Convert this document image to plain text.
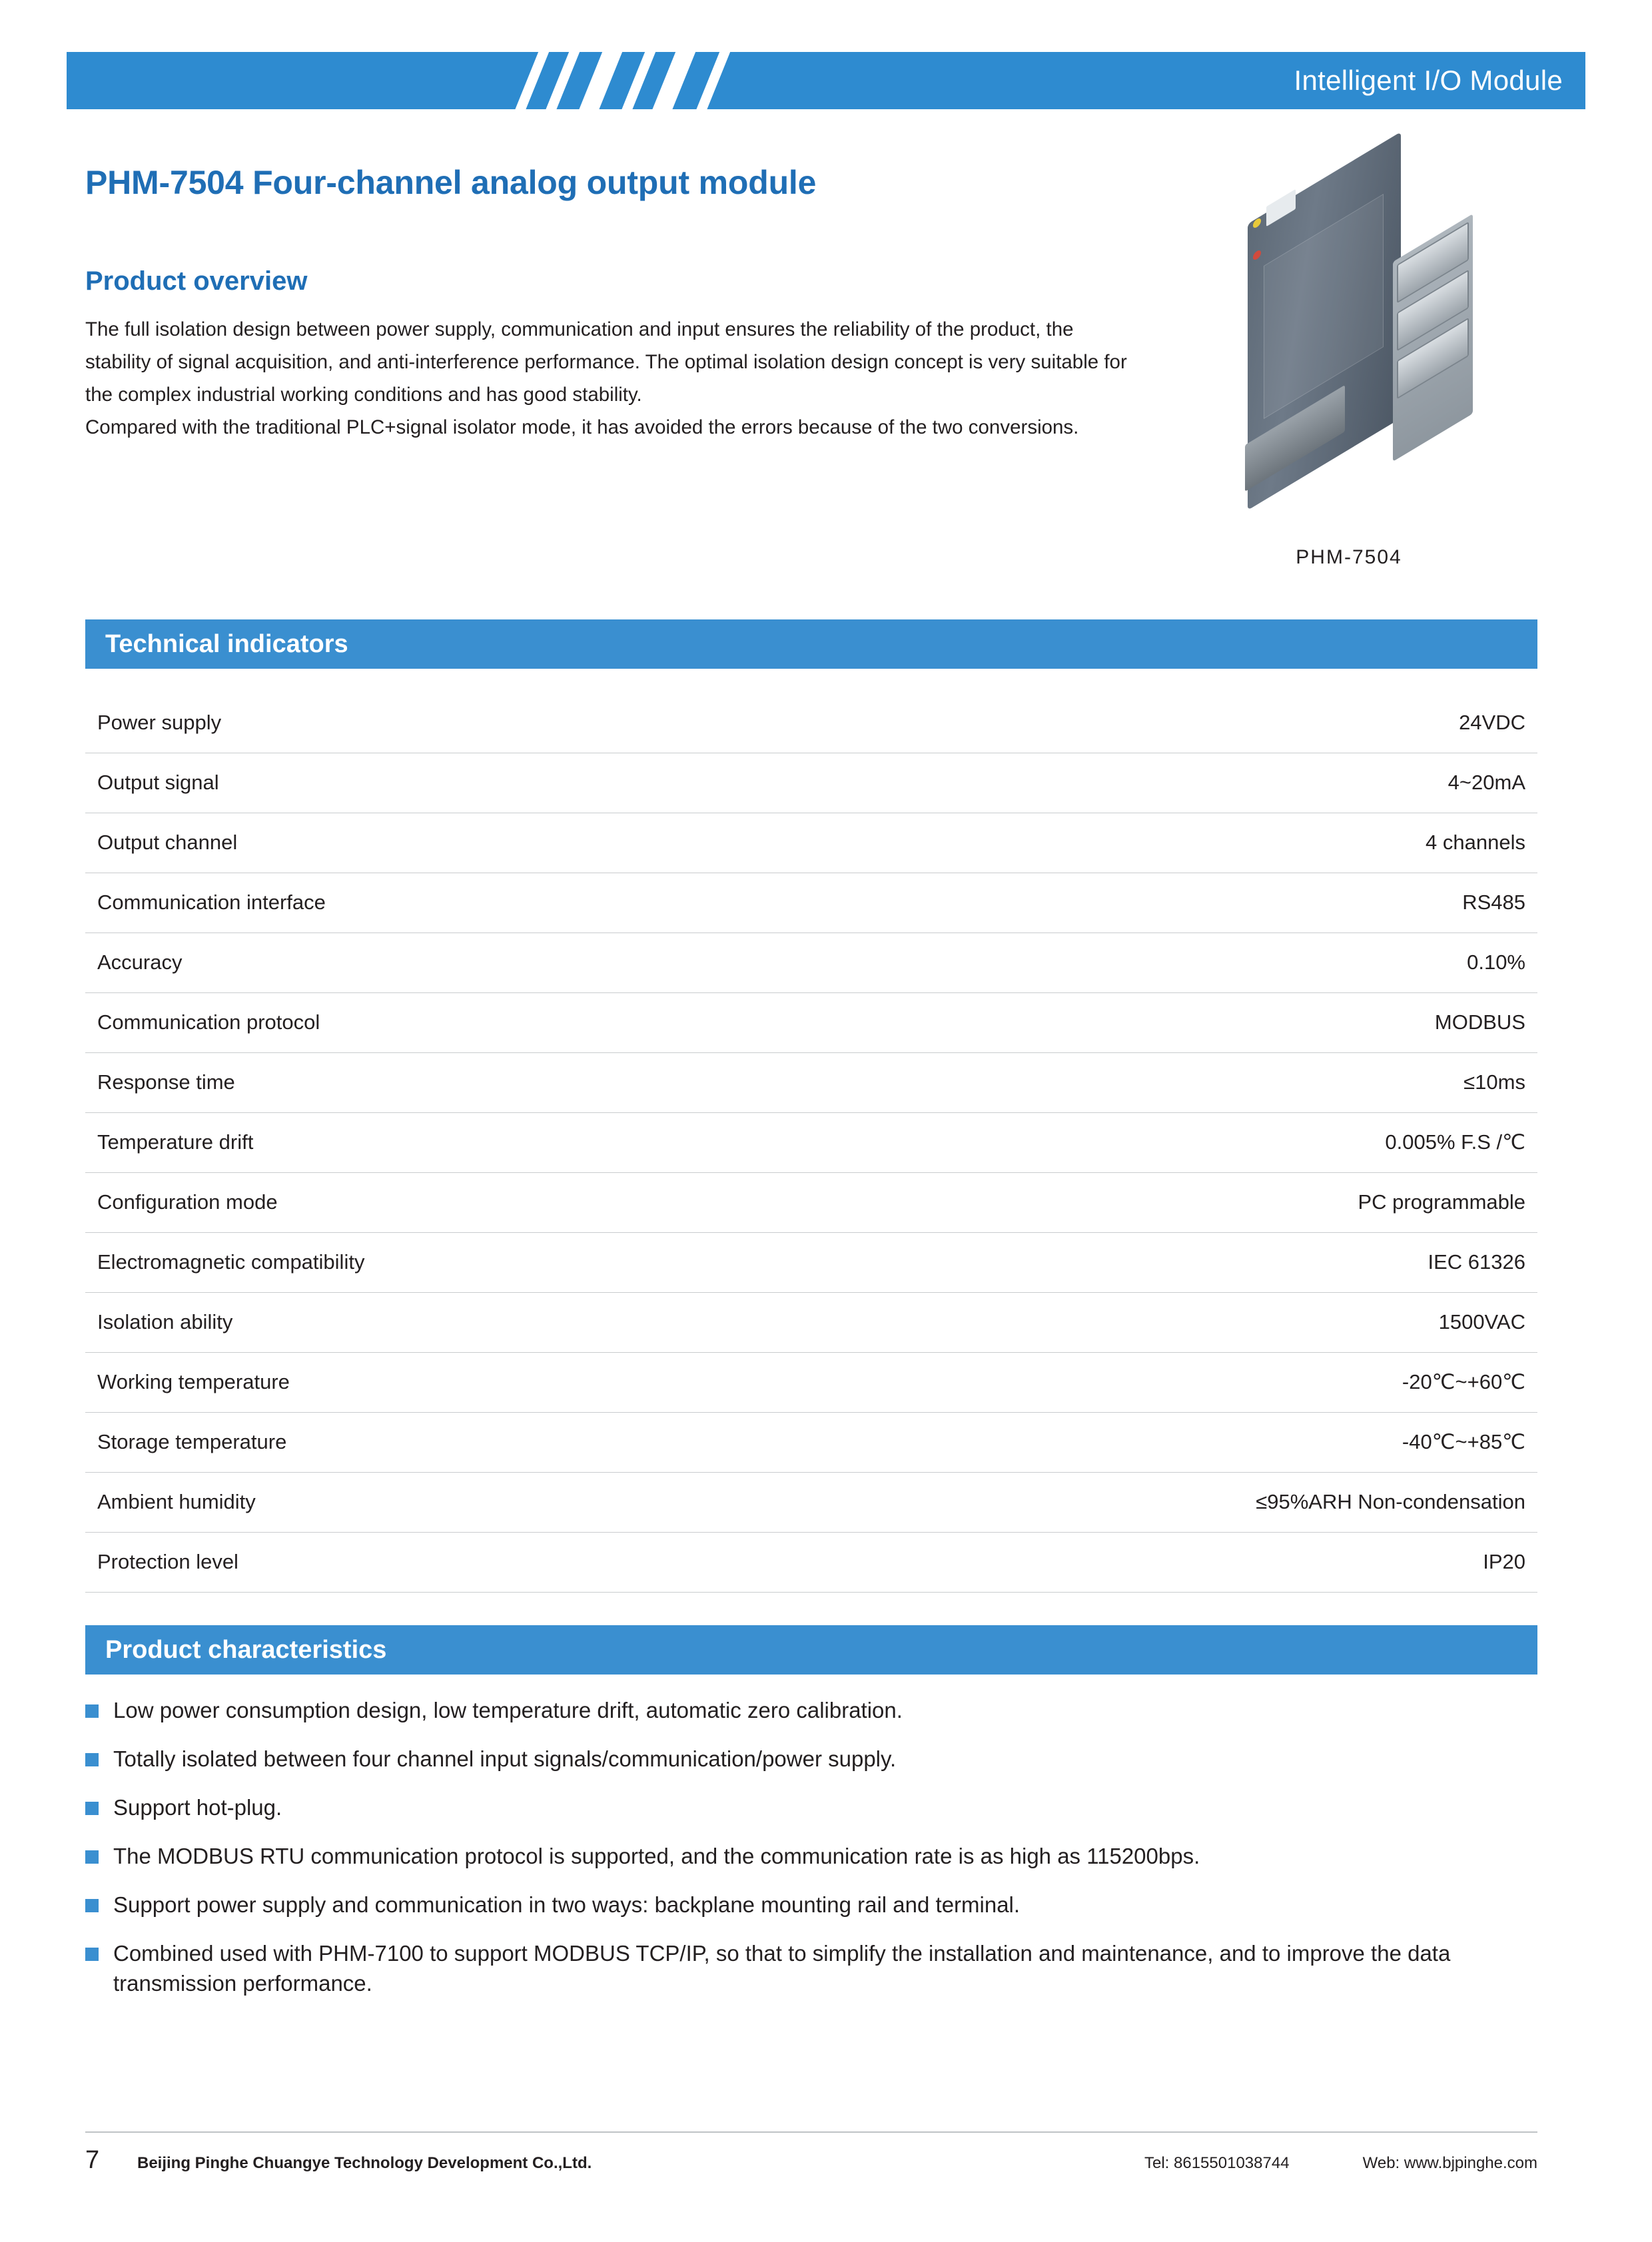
Intelligent I/O Module
PHM-7504 Four-channel analog output module
Product overview

The full isolation design between power supply, communication and input ensures the reliability of the product, the stability of signal acquisition, and anti-interference performance. The optimal isolation design concept is very suitable for the complex industrial working conditions and has good stability.

Compared with the traditional PLC+signal isolator mode, it has avoided the errors because of the two conversions.

PHM-7504
Technical indicators
Power supply	24VDC
Output signal	4~20mA
Output channel	4 channels
Communication interface	RS485
Accuracy	0.10%
Communication protocol	MODBUS
Response time	≤10ms
Temperature drift	0.005% F.S /℃
Configuration mode	PC programmable
Electromagnetic compatibility	IEC 61326
Isolation ability	1500VAC
Working temperature	-20℃~+60℃
Storage temperature	-40℃~+85℃
Ambient humidity	≤95%ARH Non-condensation
Protection level	IP20
Product characteristics
Low power consumption design, low temperature drift, automatic zero calibration.
Totally isolated between four channel input signals/communication/power supply.
Support hot-plug.
The MODBUS RTU communication protocol is supported, and the communication rate is as high as 115200bps.
Support power supply and communication in two ways: backplane mounting rail and terminal.
Combined used with PHM-7100 to support MODBUS TCP/IP, so that to simplify the installation and maintenance, and to improve the data transmission performance.
7 Beijing Pinghe Chuangye Technology Development Co.,Ltd.	Tel: 8615501038744	Web: www.bjpinghe.com
